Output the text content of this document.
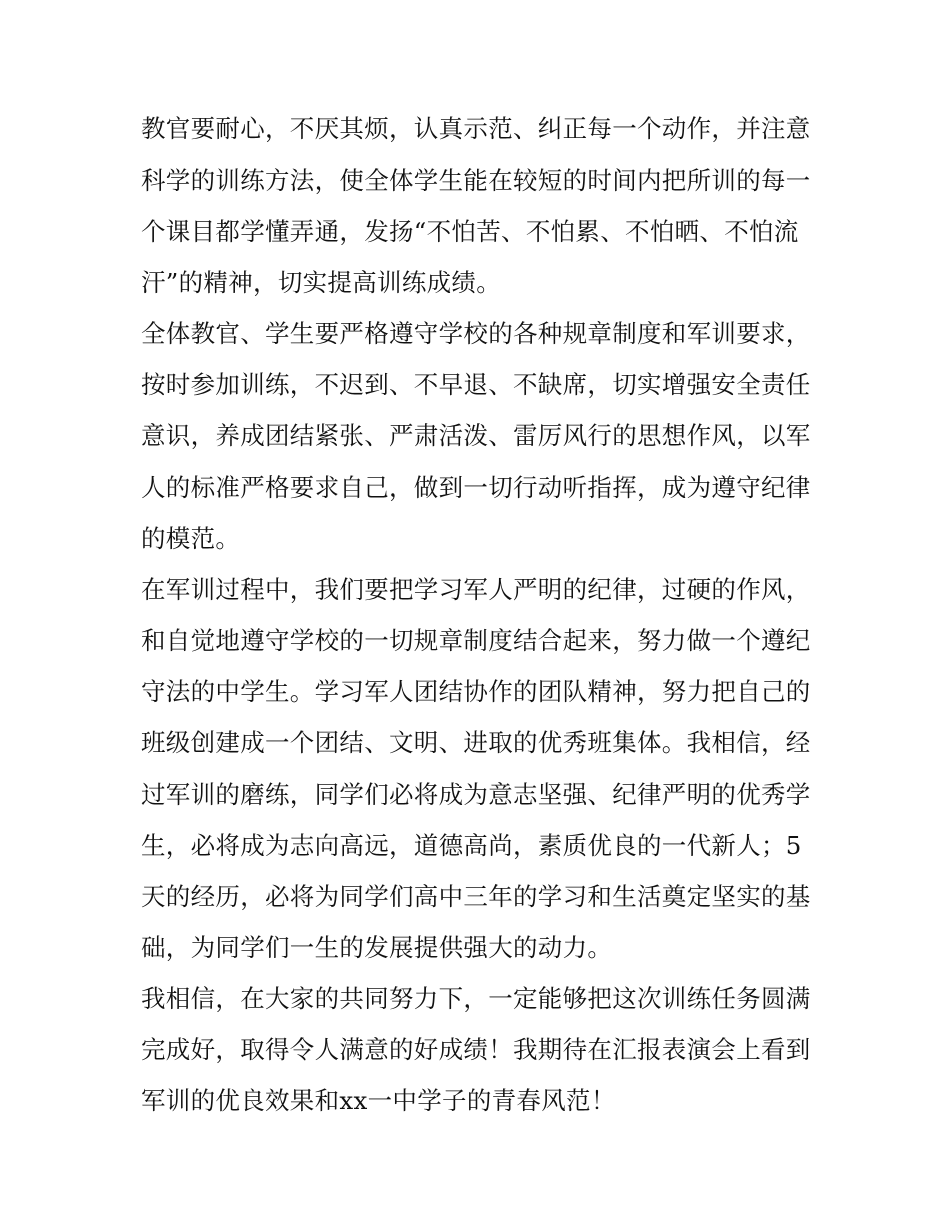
教官要耐心，不厌其烦，认真示范、纠正每一个动作，并注意
科学的训练方法，使全体学生能在较短的时间内把所训的每一
个课目都学懂弄通，发扬“不怕苦、不怕累、不怕晒、不怕流
汗”的精神，切实提高训练成绩。
全体教官、学生要严格遵守学校的各种规章制度和军训要求，
按时参加训练，不迟到、不早退、不缺席，切实增强安全责任
意识，养成团结紧张、严肃活泼、雷厉风行的思想作风，以军
人的标准严格要求自己，做到一切行动听指挥，成为遵守纪律
的模范。
在军训过程中，我们要把学习军人严明的纪律，过硬的作风，
和自觉地遵守学校的一切规章制度结合起来，努力做一个遵纪
守法的中学生。学习军人团结协作的团队精神，努力把自己的
班级创建成一个团结、文明、进取的优秀班集体。我相信，经
过军训的磨练，同学们必将成为意志坚强、纪律严明的优秀学
生，必将成为志向高远，道德高尚，素质优良的一代新人；5
天的经历，必将为同学们高中三年的学习和生活奠定坚实的基
础，为同学们一生的发展提供强大的动力。
我相信，在大家的共同努力下，一定能够把这次训练任务圆满
完成好，取得令人满意的好成绩！我期待在汇报表演会上看到
军训的优良效果和xx一中学子的青春风范！
